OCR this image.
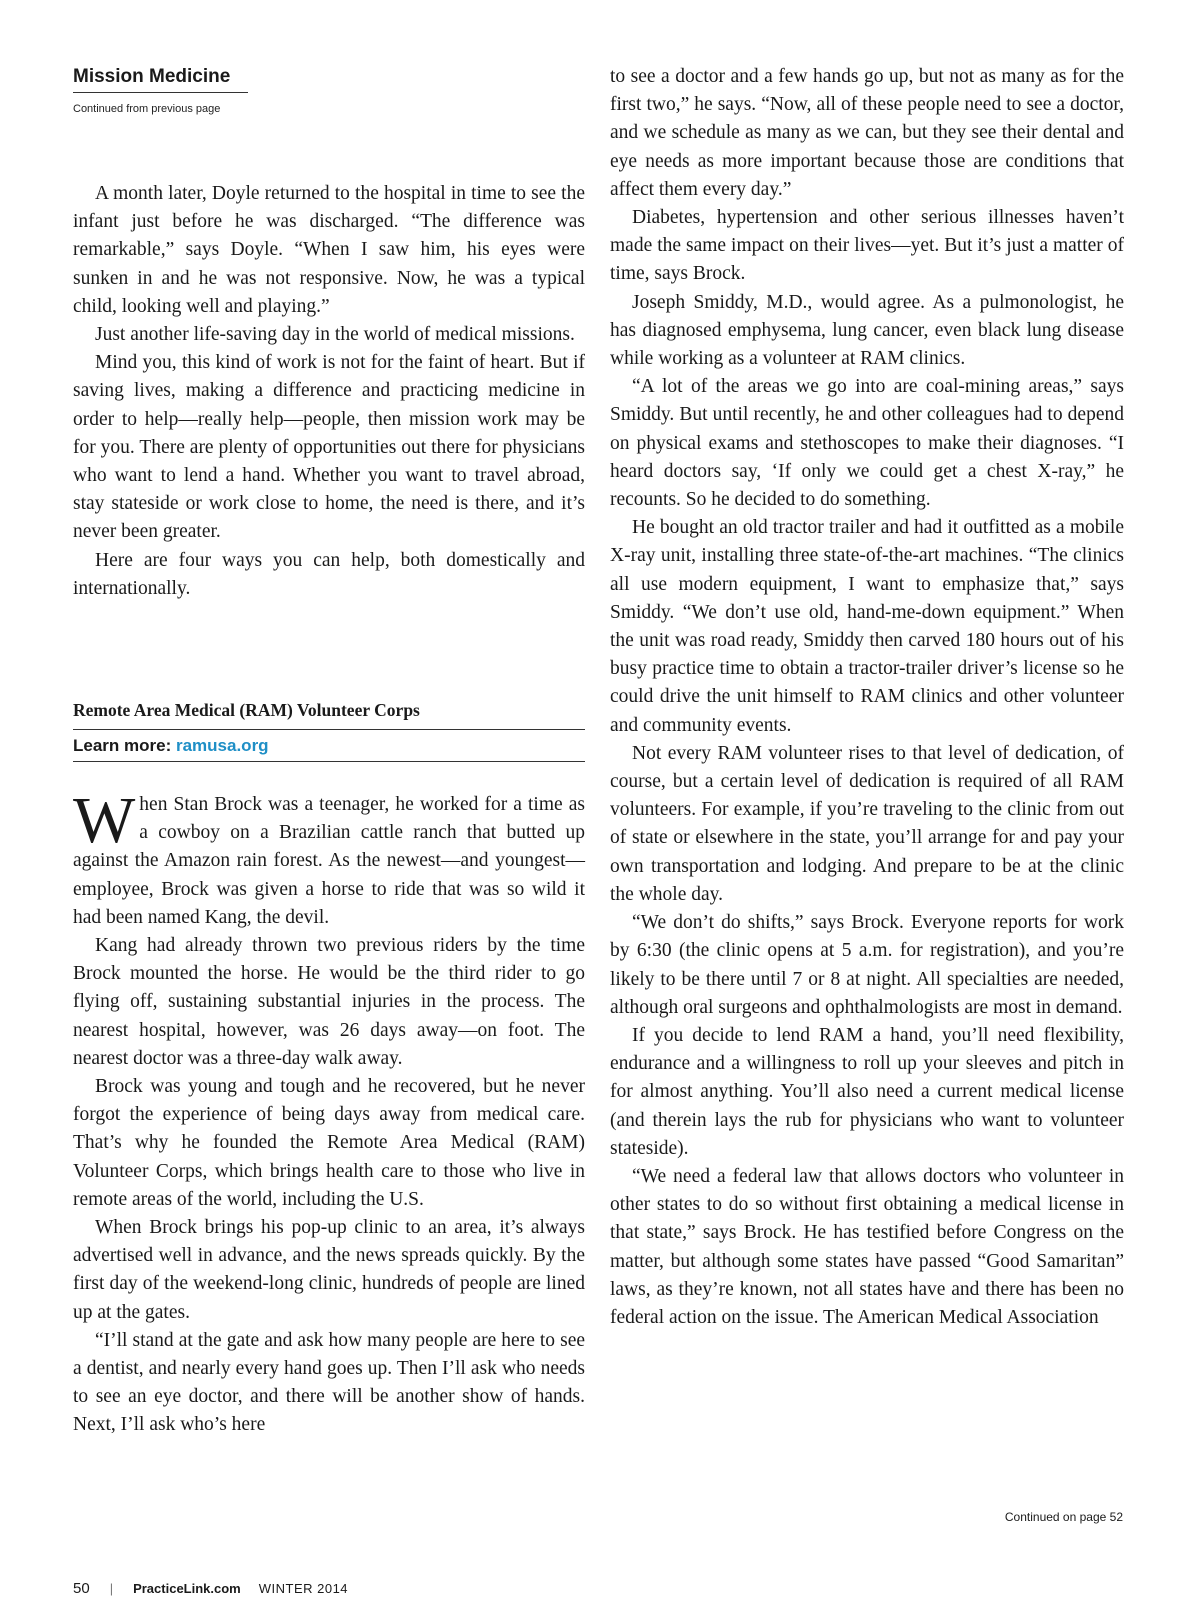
Mission Medicine
Continued from previous page

A month later, Doyle returned to the hospital in time to see the infant just before he was discharged. “The difference was remarkable,” says Doyle. “When I saw him, his eyes were sunken in and he was not responsive. Now, he was a typical child, looking well and playing.”

Just another life-saving day in the world of medical missions.

Mind you, this kind of work is not for the faint of heart. But if saving lives, making a difference and practicing medicine in order to help—really help—people, then mission work may be for you. There are plenty of opportunities out there for physicians who want to lend a hand. Whether you want to travel abroad, stay stateside or work close to home, the need is there, and it’s never been greater.

Here are four ways you can help, both domestically and internationally.

Remote Area Medical (RAM) Volunteer Corps
Learn more: ramusa.org

When Stan Brock was a teenager, he worked for a time as a cowboy on a Brazilian cattle ranch that butted up against the Amazon rain forest. As the newest—and youngest—employee, Brock was given a horse to ride that was so wild it had been named Kang, the devil.

Kang had already thrown two previous riders by the time Brock mounted the horse. He would be the third rider to go flying off, sustaining substantial injuries in the process. The nearest hospital, however, was 26 days away—on foot. The nearest doctor was a three-day walk away.

Brock was young and tough and he recovered, but he never forgot the experience of being days away from medical care. That’s why he founded the Remote Area Medical (RAM) Volunteer Corps, which brings health care to those who live in remote areas of the world, including the U.S.

When Brock brings his pop-up clinic to an area, it’s always advertised well in advance, and the news spreads quickly. By the first day of the weekend-long clinic, hundreds of people are lined up at the gates.

“I’ll stand at the gate and ask how many people are here to see a dentist, and nearly every hand goes up. Then I’ll ask who needs to see an eye doctor, and there will be another show of hands. Next, I’ll ask who’s here

to see a doctor and a few hands go up, but not as many as for the first two,” he says. “Now, all of these people need to see a doctor, and we schedule as many as we can, but they see their dental and eye needs as more important because those are conditions that affect them every day.”

Diabetes, hypertension and other serious illnesses haven’t made the same impact on their lives—yet. But it’s just a matter of time, says Brock.

Joseph Smiddy, M.D., would agree. As a pulmonologist, he has diagnosed emphysema, lung cancer, even black lung disease while working as a volunteer at RAM clinics.

“A lot of the areas we go into are coal-mining areas,” says Smiddy. But until recently, he and other colleagues had to depend on physical exams and stethoscopes to make their diagnoses. “I heard doctors say, ‘If only we could get a chest X-ray,” he recounts. So he decided to do something.

He bought an old tractor trailer and had it outfitted as a mobile X-ray unit, installing three state-of-the-art machines. “The clinics all use modern equipment, I want to emphasize that,” says Smiddy. “We don’t use old, hand-me-down equipment.” When the unit was road ready, Smiddy then carved 180 hours out of his busy practice time to obtain a tractor-trailer driver’s license so he could drive the unit himself to RAM clinics and other volunteer and community events.

Not every RAM volunteer rises to that level of dedication, of course, but a certain level of dedication is required of all RAM volunteers. For example, if you’re traveling to the clinic from out of state or elsewhere in the state, you’ll arrange for and pay your own transportation and lodging. And prepare to be at the clinic the whole day.

“We don’t do shifts,” says Brock. Everyone reports for work by 6:30 (the clinic opens at 5 a.m. for registration), and you’re likely to be there until 7 or 8 at night. All specialties are needed, although oral surgeons and ophthalmologists are most in demand.

If you decide to lend RAM a hand, you’ll need flexibility, endurance and a willingness to roll up your sleeves and pitch in for almost anything. You’ll also need a current medical license (and therein lays the rub for physicians who want to volunteer stateside).

“We need a federal law that allows doctors who volunteer in other states to do so without first obtaining a medical license in that state,” says Brock. He has testified before Congress on the matter, but although some states have passed “Good Samaritan” laws, as they’re known, not all states have and there has been no federal action on the issue. The American Medical Association

Continued on page 52
50 | PracticeLink.com WINTER 2014
